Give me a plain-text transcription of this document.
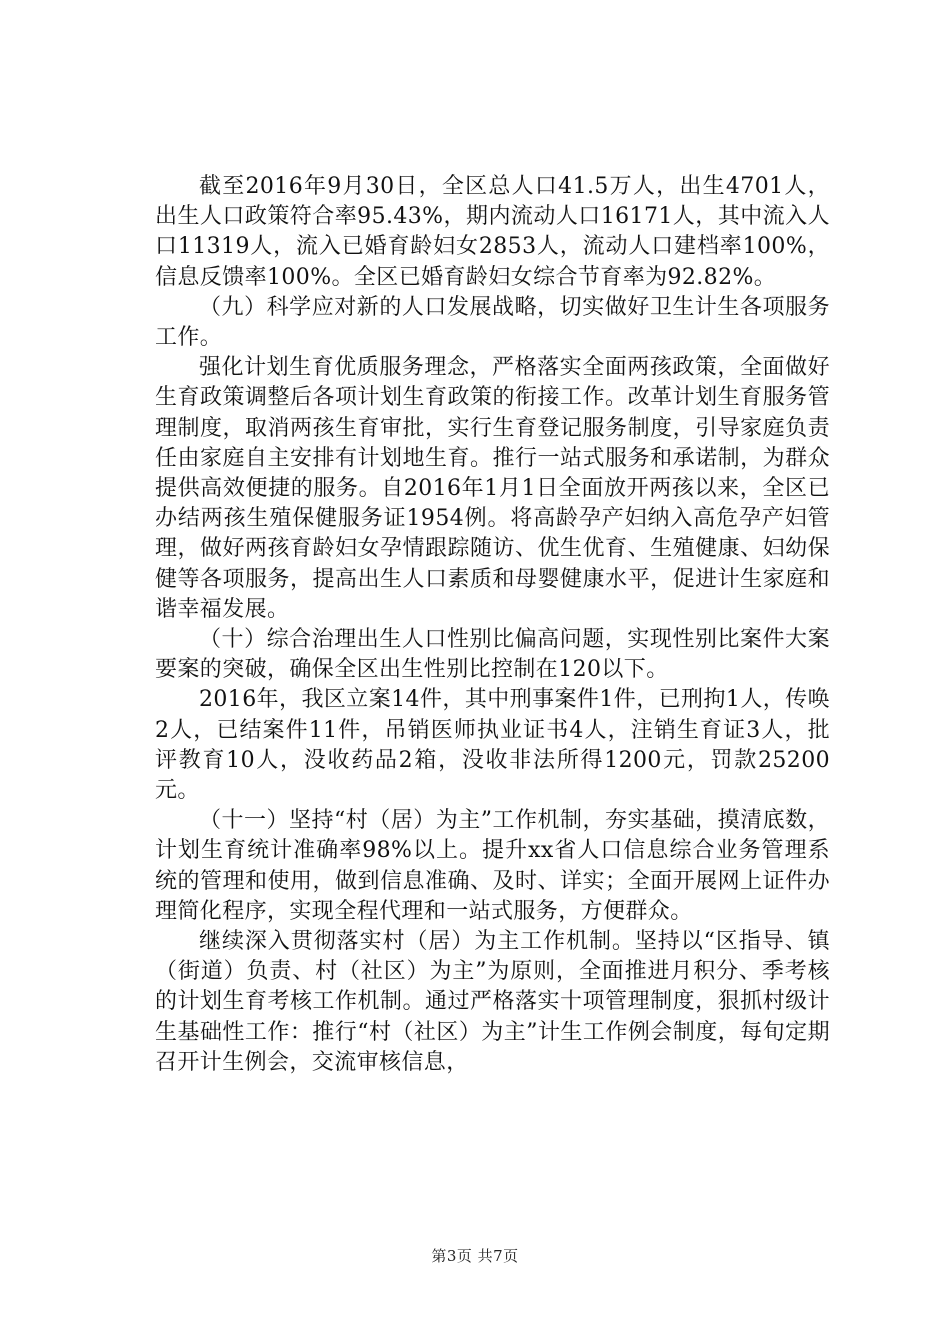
截至2016年9月30日，全区总人口41.5万人，出生4701人，出生人口政策符合率95.43%，期内流动人口16171人，其中流入人口11319人，流入已婚育龄妇女2853人，流动人口建档率100%，信息反馈率100%。全区已婚育龄妇女综合节育率为92.82%。

（九）科学应对新的人口发展战略，切实做好卫生计生各项服务工作。

强化计划生育优质服务理念，严格落实全面两孩政策，全面做好生育政策调整后各项计划生育政策的衔接工作。改革计划生育服务管理制度，取消两孩生育审批，实行生育登记服务制度，引导家庭负责任由家庭自主安排有计划地生育。推行一站式服务和承诺制，为群众提供高效便捷的服务。自2016年1月1日全面放开两孩以来，全区已办结两孩生殖保健服务证1954例。将高龄孕产妇纳入高危孕产妇管理，做好两孩育龄妇女孕情跟踪随访、优生优育、生殖健康、妇幼保健等各项服务，提高出生人口素质和母婴健康水平，促进计生家庭和谐幸福发展。

（十）综合治理出生人口性别比偏高问题，实现性别比案件大案要案的突破，确保全区出生性别比控制在120以下。

2016年，我区立案14件，其中刑事案件1件，已刑拘1人，传唤2人，已结案件11件，吊销医师执业证书4人，注销生育证3人，批评教育10人，没收药品2箱，没收非法所得1200元，罚款25200元。

（十一）坚持“村（居）为主”工作机制，夯实基础，摸清底数，计划生育统计准确率98%以上。提升xx省人口信息综合业务管理系统的管理和使用，做到信息准确、及时、详实；全面开展网上证件办理简化程序，实现全程代理和一站式服务，方便群众。

继续深入贯彻落实村（居）为主工作机制。坚持以“区指导、镇（街道）负责、村（社区）为主”为原则，全面推进月积分、季考核的计划生育考核工作机制。通过严格落实十项管理制度，狠抓村级计生基础性工作：推行“村（社区）为主”计生工作例会制度，每旬定期召开计生例会，交流审核信息，

第3页 共7页
